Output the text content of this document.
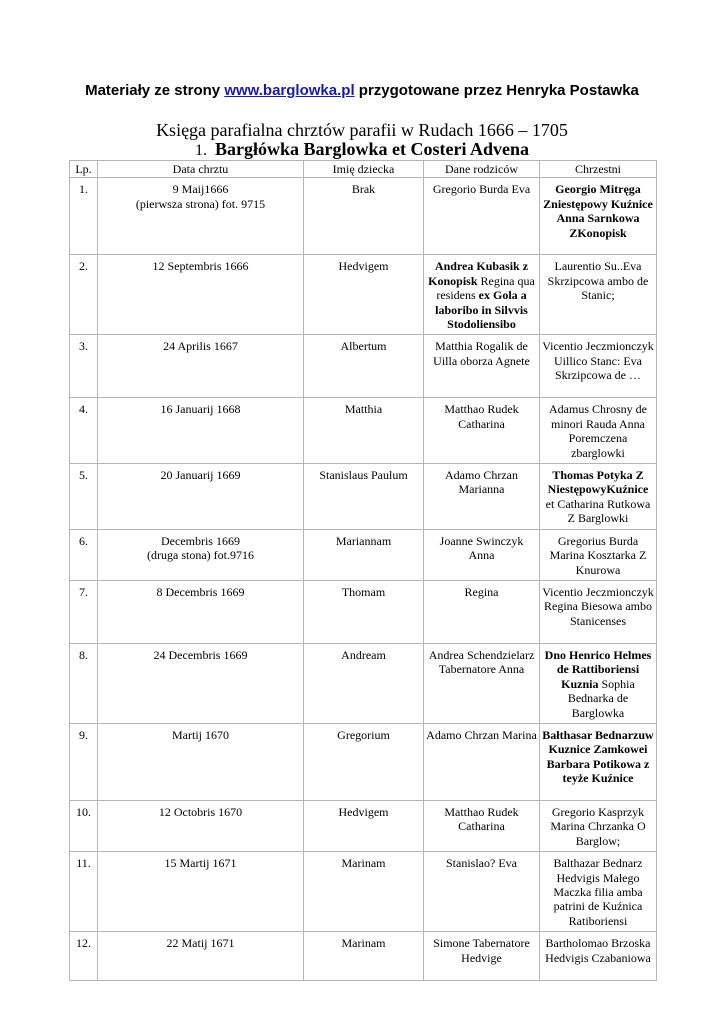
Materiały ze strony www.barglowka.pl przygotowane przez Henryka Postawka
Księga parafialna chrztów parafii w Rudach 1666 – 1705
1. Bargłówka Barglowka et Costeri Advena
Lp.	Data chrztu	Imię dziecka	Dane rodziców	Chrzestni
1.	9 Maij1666
(pierwsza strona) fot. 9715	Brak	Gregorio Burda Eva	Georgio Mitręga Zniestępowy Kuźnice Anna Sarnkowa ZKonopisk
2.	12 Septembris 1666	Hedvigem	Andrea Kubasik z Konopisk Regina qua residens ex Gola a laboribo in Silvvis Stodoliensibo	Laurentio Su..Eva Skrzipcowa ambo de Stanic;
3.	24 Aprilis 1667	Albertum	Matthia Rogalik de Uilla oborza Agnete	Vicentio Jeczmionczyk Uillico Stanc: Eva Skrzipcowa de …
4.	16 Januarij 1668	Matthia	Matthao Rudek Catharina	Adamus Chrosny de minori Rauda Anna Poremczena zbarglowki
5.	20 Januarij 1669	Stanislaus Paulum	Adamo Chrzan Marianna	Thomas Potyka Z NiestępowyKuźnice et Catharina Rutkowa Z Barglowki
6.	Decembris 1669
(druga stona) fot.9716	Mariannam	Joanne Swinczyk Anna	Gregorius Burda Marina Kosztarka Z Knurowa
7.	8 Decembris 1669	Thomam	Regina	Vicentio Jeczmionczyk Regina Biesowa ambo Stanicenses
8.	24 Decembris 1669	Andream	Andrea Schendzielarz Tabernatore Anna	Dno Henrico Helmes de Rattiboriensi Kuznia Sophia Bednarka de Barglowka
9.	Martij 1670	Gregorium	Adamo Chrzan Marina	Bałthasar Bednarzuw Kuznice Zamkowei Barbara Potikowa z teyże Kuźnice
10.	12 Octobris 1670	Hedvigem	Matthao Rudek Catharina	Gregorio Kasprzyk Marina Chrzanka O Barglow;
11.	15 Martij 1671	Marinam	Stanislao? Eva	Balthazar Bednarz Hedvigis Małego Maczka filia amba patrini de Kuźnica Ratiboriensi
12.	22 Matij 1671	Marinam	Simone Tabernatore Hedvige	Bartholomao Brzoska Hedvigis Czabaniowa
